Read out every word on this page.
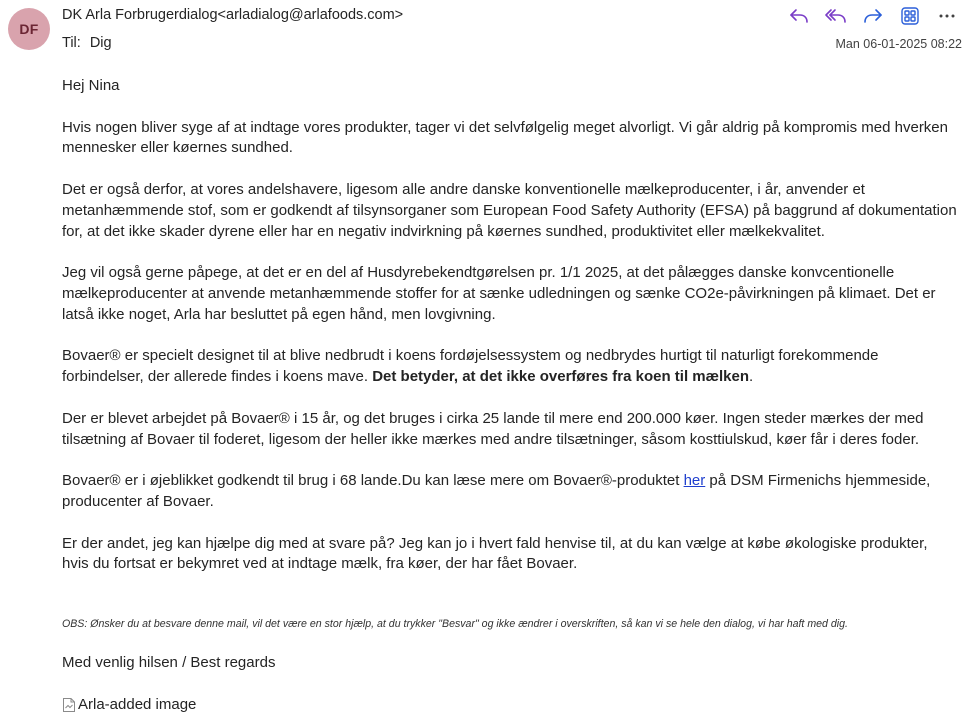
DF
DK Arla Forbrugerdialog<arladialog@arlafoods.com>
Til: Dig	Man 06-01-2025 08:22

Hej Nina

Hvis nogen bliver syge af at indtage vores produkter, tager vi det selvfølgelig meget alvorligt. Vi går aldrig på kompromis med hverken mennesker eller køernes sundhed.

Det er også derfor, at vores andelshavere, ligesom alle andre danske konventionelle mælkeproducenter, i år, anvender et metanhæmmende stof, som er godkendt af tilsynsorganer som European Food Safety Authority (EFSA) på baggrund af dokumentation for, at det ikke skader dyrene eller har en negativ indvirkning på køernes sundhed, produktivitet eller mælkekvalitet.

Jeg vil også gerne påpege, at det er en del af Husdyrebekendtgørelsen pr. 1/1 2025, at det pålægges danske konvcentionelle mælkeproducenter at anvende metanhæmmende stoffer for at sænke udledningen og sænke CO2e-påvirkningen på klimaet. Det er latså ikke noget, Arla har besluttet på egen hånd, men lovgivning.

Bovaer® er specielt designet til at blive nedbrudt i koens fordøjelsessystem og nedbrydes hurtigt til naturligt forekommende forbindelser, der allerede findes i koens mave. Det betyder, at det ikke overføres fra koen til mælken.

Der er blevet arbejdet på Bovaer® i 15 år, og det bruges i cirka 25 lande til mere end 200.000 køer. Ingen steder mærkes der med tilsætning af Bovaer til foderet, ligesom der heller ikke mærkes med andre tilsætninger, såsom kosttiulskud, køer får i deres foder.

Bovaer® er i øjeblikket godkendt til brug i 68 lande.Du kan læse mere om Bovaer®-produktet her på DSM Firmenichs hjemmeside, producenter af Bovaer.

Er der andet, jeg kan hjælpe dig med at svare på? Jeg kan jo i hvert fald henvise til, at du kan vælge at købe økologiske produkter, hvis du fortsat er bekymret ved at indtage mælk, fra køer, der har fået Bovaer.

OBS: Ønsker du at besvare denne mail, vil det være en stor hjælp, at du trykker "Besvar" og ikke ændrer i overskriften, så kan vi se hele den dialog, vi har haft med dig.

Med venlig hilsen / Best regards

Arla-added image
